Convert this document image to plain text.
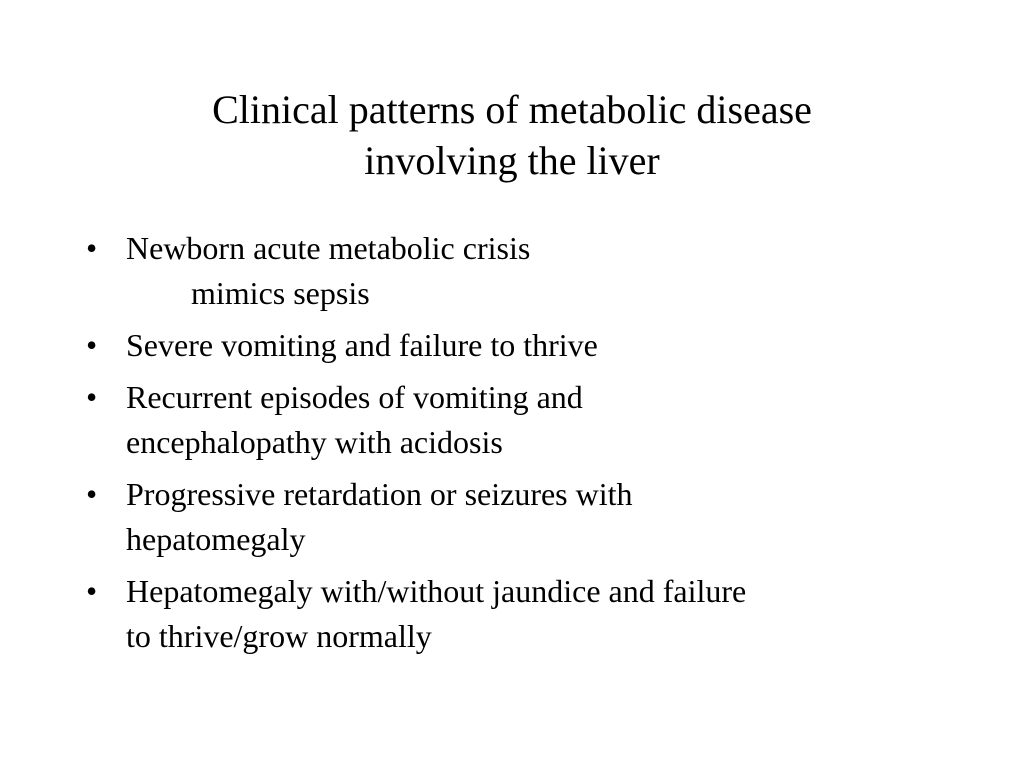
Clinical patterns of metabolic disease
involving the liver
• Newborn acute metabolic crisis
mimics sepsis
• Severe vomiting and failure to thrive
• Recurrent episodes of vomiting and
encephalopathy with acidosis
• Progressive retardation or seizures with
hepatomegaly
• Hepatomegaly with/without jaundice and failure
to thrive/grow normally
